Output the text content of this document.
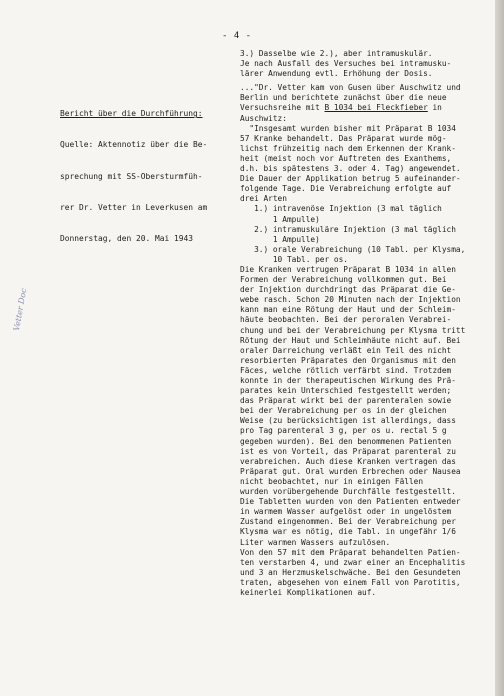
- 4 -

Bericht über die Durchführung:

Quelle: Aktennotiz über die Be-

sprechung mit SS-Obersturmfüh-

rer Dr. Vetter in Leverkusen am

Donnerstag, den 20. Mai 1943

Vetter Doc
3.) Dasselbe wie 2.), aber intramuskulär.
Je nach Ausfall des Versuches bei intramusku-
lärer Anwendung evtl. Erhöhung der Dosis.
..."Dr. Vetter kam von Gusen über Auschwitz und
Berlin und berichtete zunächst über die neue
Versuchsreihe mit B 1034 bei Fleckfieber in
Auschwitz:
"Insgesamt wurden bisher mit Präparat B 1034
57 Kranke behandelt. Das Präparat wurde mög-
lichst frühzeitig nach dem Erkennen der Krank-
heit (meist noch vor Auftreten des Exanthems,
d.h. bis spätestens 3. oder 4. Tag) angewendet.
Die Dauer der Applikation betrug 5 aufeinander-
folgende Tage. Die Verabreichung erfolgte auf
drei Arten
1.) intravenöse Injektion (3 mal täglich
1 Ampulle)
2.) intramuskuläre Injektion (3 mal täglich
1 Ampulle)
3.) orale Verabreichung (10 Tabl. per Klysma,
10 Tabl. per os.
Die Kranken vertrugen Präparat B 1034 in allen
Formen der Verabreichung vollkommen gut. Bei
der Injektion durchdringt das Präparat die Ge-
webe rasch. Schon 20 Minuten nach der Injektion
kann man eine Rötung der Haut und der Schleim-
häute beobachten. Bei der peroralen Verabrei-
chung und bei der Verabreichung per Klysma tritt
Rötung der Haut und Schleimhäute nicht auf. Bei
oraler Darreichung verläßt ein Teil des nicht
resorbierten Präparates den Organismus mit den
Fäces, welche rötlich verfärbt sind. Trotzdem
konnte in der therapeutischen Wirkung des Prä-
parates kein Unterschied festgestellt werden;
das Präparat wirkt bei der parenteralen sowie
bei der Verabreichung per os in der gleichen
Weise (zu berücksichtigen ist allerdings, dass
pro Tag parenteral 3 g, per os u. rectal 5 g
gegeben wurden). Bei den benommenen Patienten
ist es von Vorteil, das Präparat parenteral zu
verabreichen. Auch diese Kranken vertragen das
Präparat gut. Oral wurden Erbrechen oder Nausea
nicht beobachtet, nur in einigen Fällen
wurden vorübergehende Durchfälle festgestellt.
Die Tabletten wurden von den Patienten entweder
in warmem Wasser aufgelöst oder in ungelöstem
Zustand eingenommen. Bei der Verabreichung per
Klysma war es nötig, die Tabl. in ungefähr 1/6
Liter warmen Wassers aufzulösen.
Von den 57 mit dem Präparat behandelten Patien-
ten verstarben 4, und zwar einer an Encephalitis
und 3 an Herzmuskelschwäche. Bei den Gesundeten
traten, abgesehen von einem Fall von Parotitis,
keinerlei Komplikationen auf.
